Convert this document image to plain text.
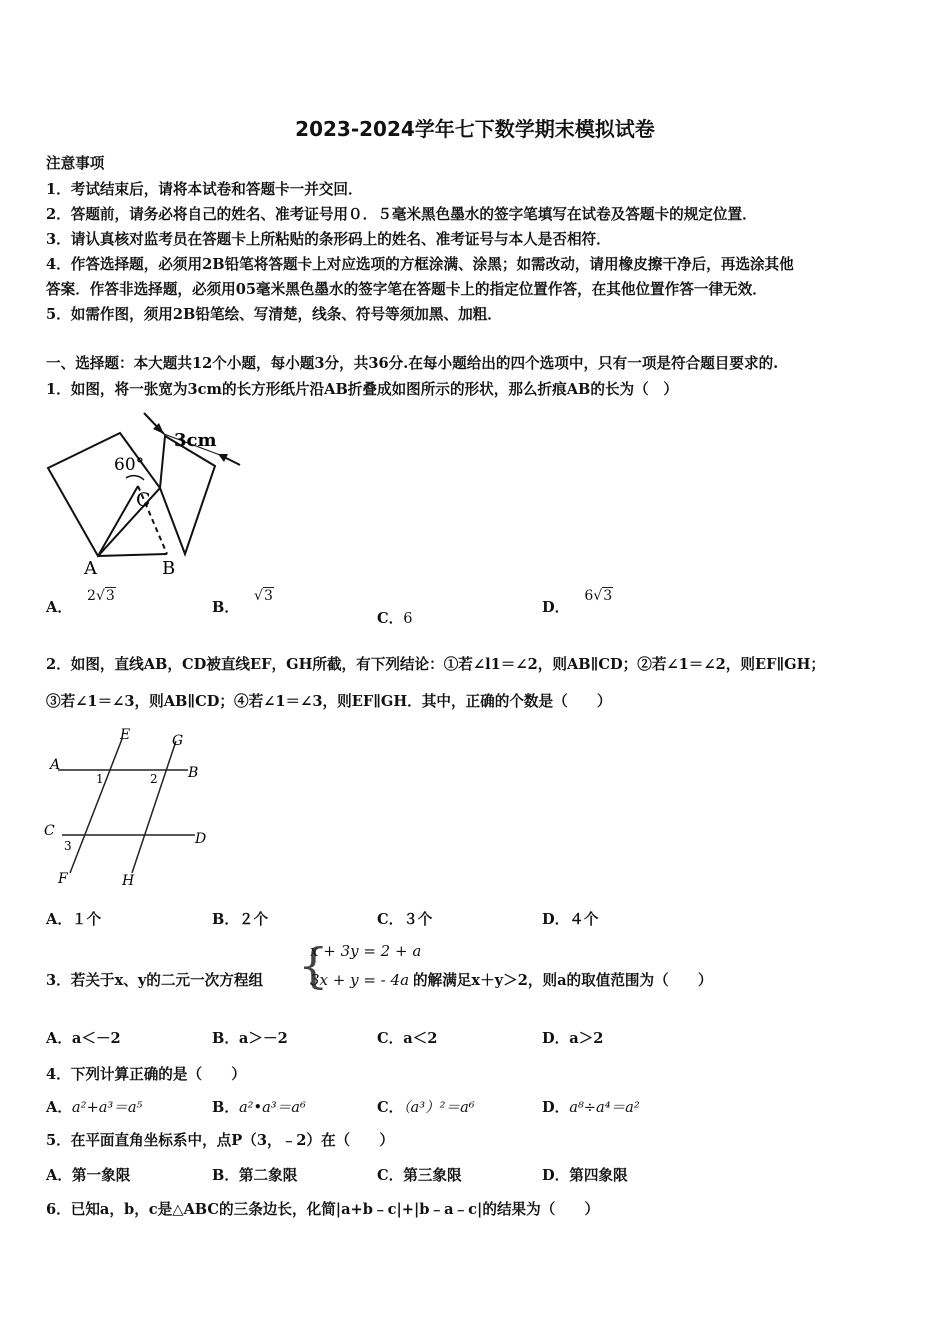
2023-2024学年七下数学期末模拟试卷
注意事项
1．考试结束后，请将本试卷和答题卡一并交回．
2．答题前，请务必将自己的姓名、准考证号用０．５毫米黑色墨水的签字笔填写在试卷及答题卡的规定位置．
3．请认真核对监考员在答题卡上所粘贴的条形码上的姓名、准考证号与本人是否相符．
4．作答选择题，必须用2B铅笔将答题卡上对应选项的方框涂满、涂黑；如需改动，请用橡皮擦干净后，再选涂其他
答案．作答非选择题，必须用05毫米黑色墨水的签字笔在答题卡上的指定位置作答，在其他位置作答一律无效．
5．如需作图，须用2B铅笔绘、写清楚，线条、符号等须加黑、加粗．
一、选择题：本大题共12个小题，每小题3分，共36分.在每小题给出的四个选项中，只有一项是符合题目要求的.
1．如图，将一张宽为3cm的长方形纸片沿AB折叠成如图所示的形状，那么折痕AB的长为（　）
3cm
60°
C
A	B
A． 2√3
B． √3
C．6
D． 6√3
2．如图，直线AB，CD被直线EF，GH所截，有下列结论：①若∠l1＝∠2，则AB∥CD；②若∠1＝∠2，则EF∥GH；
③若∠1＝∠3，则AB∥CD；④若∠1＝∠3，则EF∥GH．其中，正确的个数是（　　）
A	B
C	D
E
F
G
H
1	2
3
A．１个	B．２个	C．３个	D．４个
3．若关于x、y的二元一次方程组 {
x + 3y = 2 + a
3x + y = - 4a 的解满足x＋y＞2，则a的取值范围为（　　）
A．a＜－2	B．a＞－2	C．a＜2	D．a＞2
4．下列计算正确的是（　　）
A．a²+a³＝a⁵	B．a²•a³＝a⁶	C．（a³）²＝a⁶	D．a⁸÷a⁴＝a²
5．在平面直角坐标系中，点P（3，﹣2）在（　　）
A．第一象限	B．第二象限	C．第三象限	D．第四象限
6．已知a，b，c是△ABC的三条边长，化简|a+b﹣c|+|b﹣a﹣c|的结果为（　　）
